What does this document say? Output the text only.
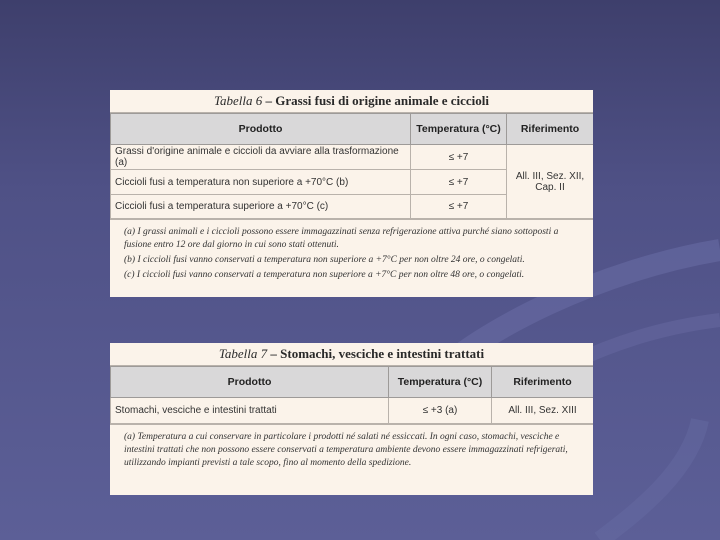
Tabella 6 – Grassi fusi di origine animale e ciccioli
Prodotto	Temperatura (°C)	Riferimento
Grassi d'origine animale e ciccioli da avviare alla trasformazione (a)	≤ +7	All. III, Sez. XII, Cap. II
Ciccioli fusi a temperatura non superiore a +70°C (b)	≤ +7	
Ciccioli fusi a temperatura superiore a +70°C (c)	≤ +7	

(a) I grassi animali e i ciccioli possono essere immagazzinati senza refrigerazione attiva purché siano sottoposti a fusione entro 12 ore dal giorno in cui sono stati ottenuti.

(b) I ciccioli fusi vanno conservati a temperatura non superiore a +7°C per non oltre 24 ore, o congelati.

(c) I ciccioli fusi vanno conservati a temperatura non superiore a +7°C per non oltre 48 ore, o congelati.

Tabella 7 – Stomachi, vesciche e intestini trattati
Prodotto	Temperatura (°C)	Riferimento
Stomachi, vesciche e intestini trattati	≤ +3 (a)	All. III, Sez. XIII

(a) Temperatura a cui conservare in particolare i prodotti né salati né essiccati. In ogni caso, stomachi, vesciche e intestini trattati che non possono essere conservati a temperatura ambiente devono essere immagazzinati refrigerati, utilizzando impianti previsti a tale scopo, fino al momento della spedizione.
